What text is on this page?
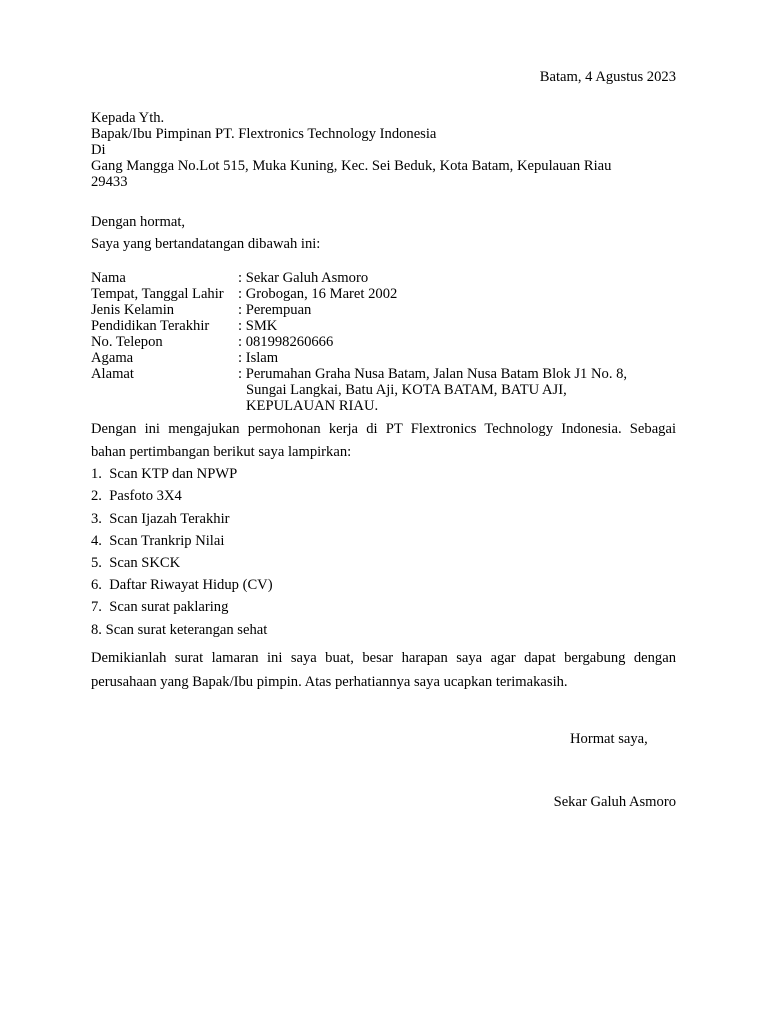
Batam, 4 Agustus 2023
Kepada Yth.
Bapak/Ibu Pimpinan PT. Flextronics Technology Indonesia
Di
Gang Mangga No.Lot 515, Muka Kuning, Kec. Sei Beduk, Kota Batam, Kepulauan Riau
29433
Dengan hormat,
Saya yang bertandatangan dibawah ini:
Nama	: Sekar Galuh Asmoro
Tempat, Tanggal Lahir : Grobogan, 16 Maret 2002
Jenis Kelamin	: Perempuan
Pendidikan Terakhir : SMK
No. Telepon	: 081998260666
Agama	: Islam
Alamat	: Perumahan Graha Nusa Batam, Jalan Nusa Batam Blok J1 No. 8,
Sungai Langkai, Batu Aji, KOTA BATAM, BATU AJI,
KEPULAUAN RIAU.
Dengan ini mengajukan permohonan kerja di PT Flextronics Technology Indonesia. Sebagai
bahan pertimbangan berikut saya lampirkan:
1. Scan KTP dan NPWP
2. Pasfoto 3X4
3. Scan Ijazah Terakhir
4. Scan Trankrip Nilai
5. Scan SKCK
6. Daftar Riwayat Hidup (CV)
7. Scan surat paklaring
8. Scan surat keterangan sehat
Demikianlah surat lamaran ini saya buat, besar harapan saya agar dapat bergabung dengan
perusahaan yang Bapak/Ibu pimpin. Atas perhatiannya saya ucapkan terimakasih.
Hormat saya,
Sekar Galuh Asmoro
